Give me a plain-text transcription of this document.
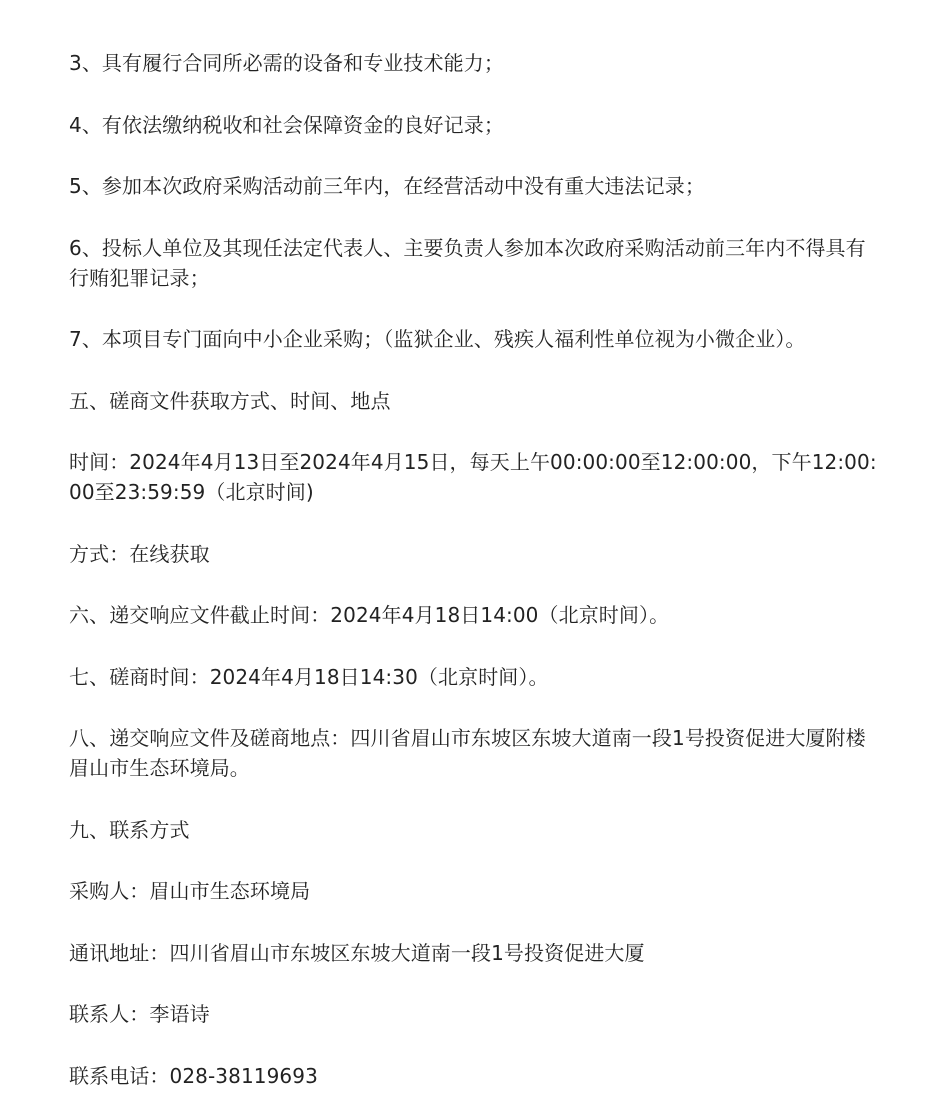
3、具有履行合同所必需的设备和专业技术能力；

4、有依法缴纳税收和社会保障资金的良好记录；

5、参加本次政府采购活动前三年内，在经营活动中没有重大违法记录；

6、投标人单位及其现任法定代表人、主要负责人参加本次政府采购活动前三年内不得具有行贿犯罪记录；

7、本项目专门面向中小企业采购；（监狱企业、残疾人福利性单位视为小微企业）。

五、磋商文件获取方式、时间、地点

时间：2024年4月13日至2024年4月15日，每天上午00:00:00至12:00:00，下午12:00:00至23:59:59（北京时间)

方式：在线获取

六、递交响应文件截止时间：2024年4月18日14:00（北京时间）。

七、磋商时间：2024年4月18日14:30（北京时间）。

八、递交响应文件及磋商地点：四川省眉山市东坡区东坡大道南一段1号投资促进大厦附楼眉山市生态环境局。

九、联系方式

采购人：眉山市生态环境局

通讯地址：四川省眉山市东坡区东坡大道南一段1号投资促进大厦

联系人：李语诗

联系电话：028-38119693
